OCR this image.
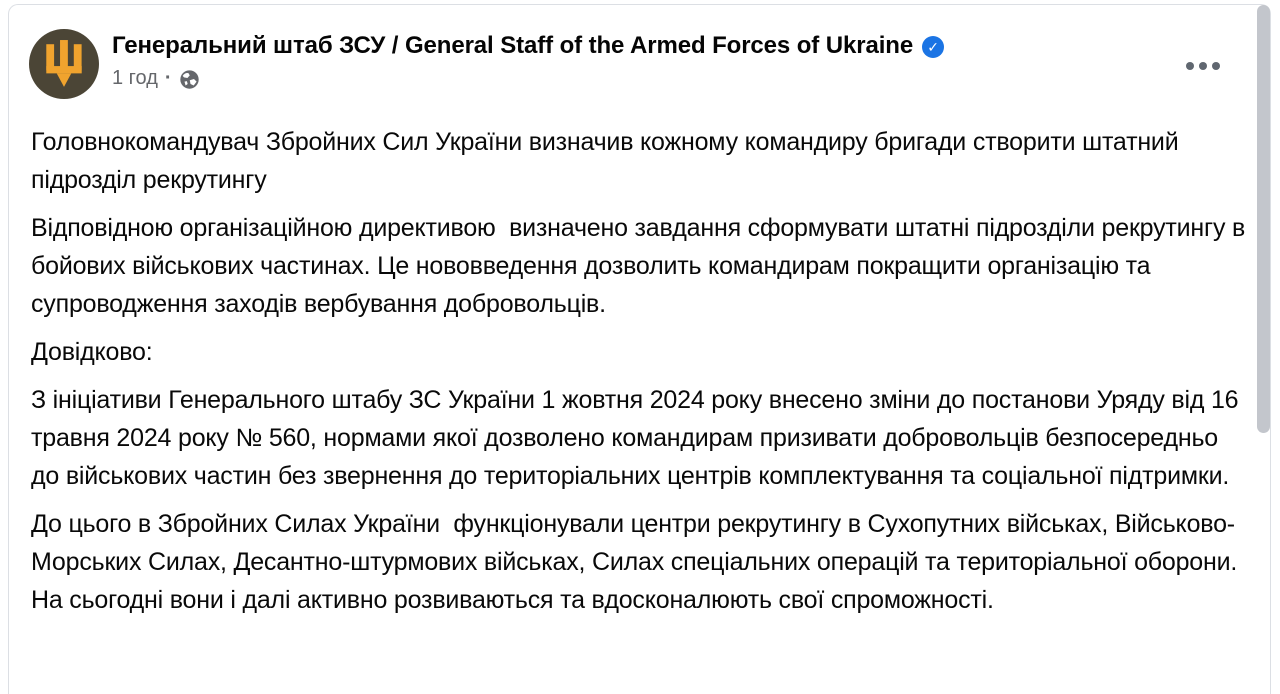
Генеральний штаб ЗСУ / General Staff of the Armed Forces of Ukraine	✓
1 год ·
Головнокомандувач Збройних Сил України визначив кожному командиру бригади створити штатний підрозділ рекрутингу
Відповідною організаційною директивою  визначено завдання сформувати штатні підрозділи рекрутингу в бойових військових частинах. Це нововведення дозволить командирам покращити організацію та супроводження заходів вербування добровольців.
Довідково:
З ініціативи Генерального штабу ЗС України 1 жовтня 2024 року внесено зміни до постанови Уряду від 16 травня 2024 року № 560, нормами якої дозволено командирам призивати добровольців безпосередньо до військових частин без звернення до територіальних центрів комплектування та соціальної підтримки.
До цього в Збройних Силах України  функціонували центри рекрутингу в Сухопутних військах, Військово-Морських Силах, Десантно-штурмових військах, Силах спеціальних операцій та територіальної оборони. На сьогодні вони і далі активно розвиваються та вдосконалюють свої спроможності.
